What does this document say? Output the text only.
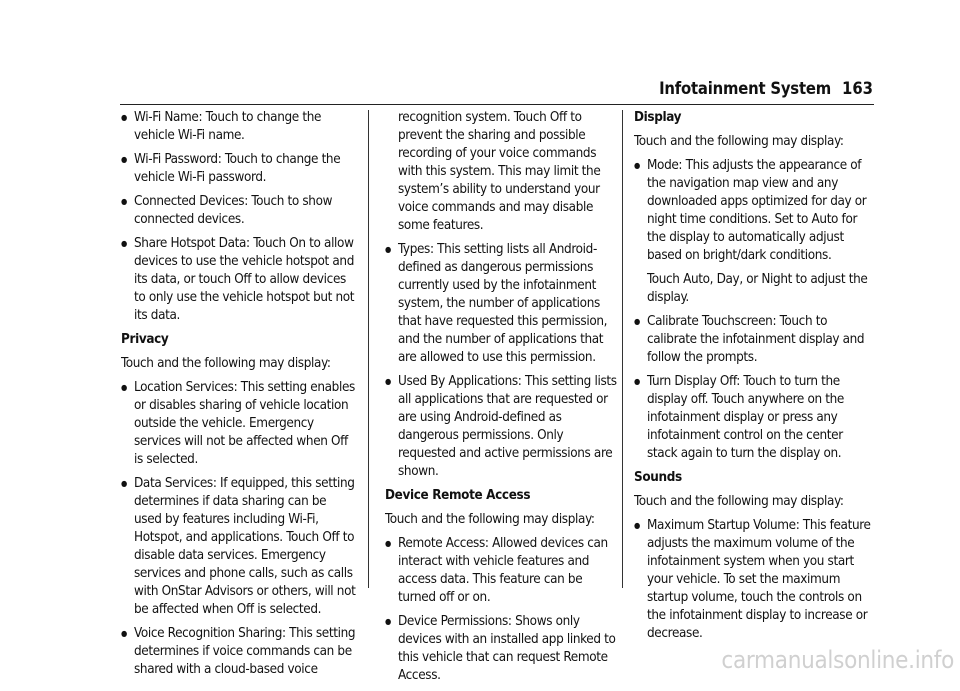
Infotainment System 163
● Wi-Fi Name: Touch to change the vehicle Wi-Fi name.
● Wi-Fi Password: Touch to change the vehicle Wi-Fi password.
● Connected Devices: Touch to show connected devices.
● Share Hotspot Data: Touch On to allow devices to use the vehicle hotspot and its data, or touch Off to allow devices to only use the vehicle hotspot but not its data.
Privacy
Touch and the following may display:
● Location Services: This setting enables or disables sharing of vehicle location outside the vehicle. Emergency services will not be affected when Off is selected.
● Data Services: If equipped, this setting determines if data sharing can be used by features including Wi-Fi, Hotspot, and applications. Touch Off to disable data services. Emergency services and phone calls, such as calls with OnStar Advisors or others, will not be affected when Off is selected.
● Voice Recognition Sharing: This setting determines if voice commands can be shared with a cloud-based voice
recognition system. Touch Off to prevent the sharing and possible recording of your voice commands with this system. This may limit the system’s ability to understand your voice commands and may disable some features.
● Types: This setting lists all Android-defined as dangerous permissions currently used by the infotainment system, the number of applications that have requested this permission, and the number of applications that are allowed to use this permission.
● Used By Applications: This setting lists all applications that are requested or are using Android-defined as dangerous permissions. Only requested and active permissions are shown.
Device Remote Access
Touch and the following may display:
● Remote Access: Allowed devices can interact with vehicle features and access data. This feature can be turned off or on.
● Device Permissions: Shows only devices with an installed app linked to this vehicle that can request Remote Access.
Display
Touch and the following may display:
● Mode: This adjusts the appearance of the navigation map view and any downloaded apps optimized for day or night time conditions. Set to Auto for the display to automatically adjust based on bright/dark conditions.
Touch Auto, Day, or Night to adjust the display.
● Calibrate Touchscreen: Touch to calibrate the infotainment display and follow the prompts.
● Turn Display Off: Touch to turn the display off. Touch anywhere on the infotainment display or press any infotainment control on the center stack again to turn the display on.
Sounds
Touch and the following may display:
● Maximum Startup Volume: This feature adjusts the maximum volume of the infotainment system when you start your vehicle. To set the maximum startup volume, touch the controls on the infotainment display to increase or decrease.
carmanualsonline.info
